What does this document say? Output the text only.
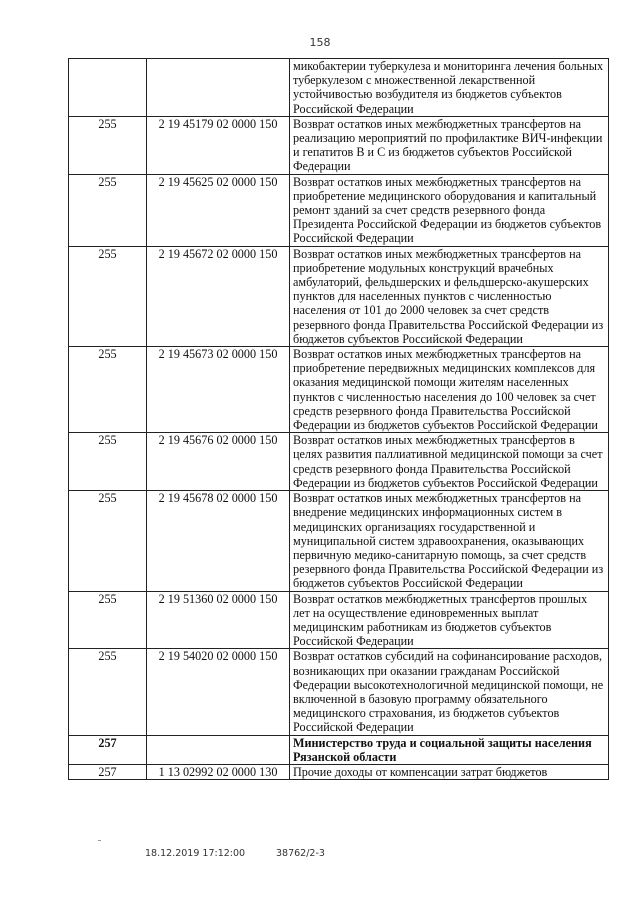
158
		микобактерии туберкулеза и мониторинга лечения больных туберкулезом с множественной лекарственной устойчивостью возбудителя из бюджетов субъектов Российской Федерации
255	2 19 45179 02 0000 150	Возврат остатков иных межбюджетных трансфертов на реализацию мероприятий по профилактике ВИЧ-инфекции и гепатитов В и С из бюджетов субъектов Российской Федерации
255	2 19 45625 02 0000 150	Возврат остатков иных межбюджетных трансфертов на приобретение медицинского оборудования и капитальный ремонт зданий за счет средств резервного фонда Президента Российской Федерации из бюджетов субъектов Российской Федерации
255	2 19 45672 02 0000 150	Возврат остатков иных межбюджетных трансфертов на приобретение модульных конструкций врачебных амбулаторий, фельдшерских и фельдшерско-акушерских пунктов для населенных пунктов с численностью населения от 101 до 2000 человек за счет средств резервного фонда Правительства Российской Федерации из бюджетов субъектов Российской Федерации
255	2 19 45673 02 0000 150	Возврат остатков иных межбюджетных трансфертов на приобретение передвижных медицинских комплексов для оказания медицинской помощи жителям населенных пунктов с численностью населения до 100 человек за счет средств резервного фонда Правительства Российской Федерации из бюджетов субъектов Российской Федерации
255	2 19 45676 02 0000 150	Возврат остатков иных межбюджетных трансфертов в целях развития паллиативной медицинской помощи за счет средств резервного фонда Правительства Российской Федерации из бюджетов субъектов Российской Федерации
255	2 19 45678 02 0000 150	Возврат остатков иных межбюджетных трансфертов на внедрение медицинских информационных систем в медицинских организациях государственной и муниципальной систем здравоохранения, оказывающих первичную медико-санитарную помощь, за счет средств резервного фонда Правительства Российской Федерации из бюджетов субъектов Российской Федерации
255	2 19 51360 02 0000 150	Возврат остатков межбюджетных трансфертов прошлых лет на осуществление единовременных выплат медицинским работникам из бюджетов субъектов Российской Федерации
255	2 19 54020 02 0000 150	Возврат остатков субсидий на софинансирование расходов, возникающих при оказании гражданам Российской Федерации высокотехнологичной медицинской помощи, не включенной в базовую программу обязательного медицинского страхования, из бюджетов субъектов Российской Федерации
257		Министерство труда и социальной защиты населения Рязанской области
257	1 13 02992 02 0000 130	Прочие доходы от компенсации затрат бюджетов
18.12.2019 17:12:00	38762/2-3
